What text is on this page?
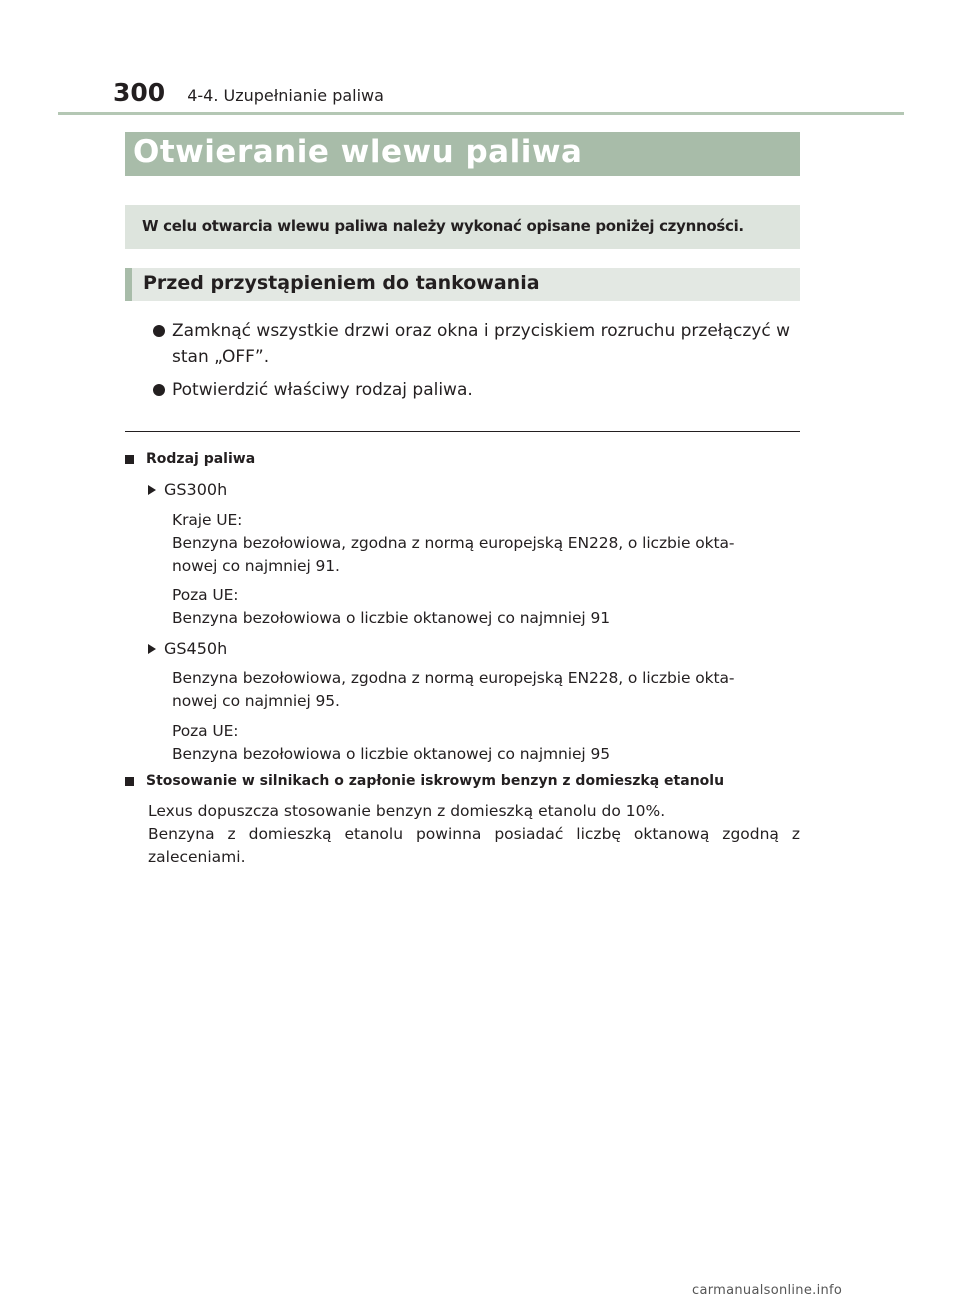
300 4-4. Uzupełnianie paliwa
Otwieranie wlewu paliwa
W celu otwarcia wlewu paliwa należy wykonać opisane poniżej czynności.
Przed przystąpieniem do tankowania
Zamknąć wszystkie drzwi oraz okna i przyciskiem rozruchu przełączyć w stan „OFF”.
Potwierdzić właściwy rodzaj paliwa.
Rodzaj paliwa
GS300h
Kraje UE:
Benzyna bezołowiowa, zgodna z normą europejską EN228, o liczbie okta-
nowej co najmniej 91.
Poza UE:
Benzyna bezołowiowa o liczbie oktanowej co najmniej 91
GS450h
Benzyna bezołowiowa, zgodna z normą europejską EN228, o liczbie okta-
nowej co najmniej 95.
Poza UE:
Benzyna bezołowiowa o liczbie oktanowej co najmniej 95
Stosowanie w silnikach o zapłonie iskrowym benzyn z domieszką etanolu
Lexus dopuszcza stosowanie benzyn z domieszką etanolu do 10%.
Benzyna z domieszką etanolu powinna posiadać liczbę oktanową zgodną z zaleceniami.
carmanualsonline.info
